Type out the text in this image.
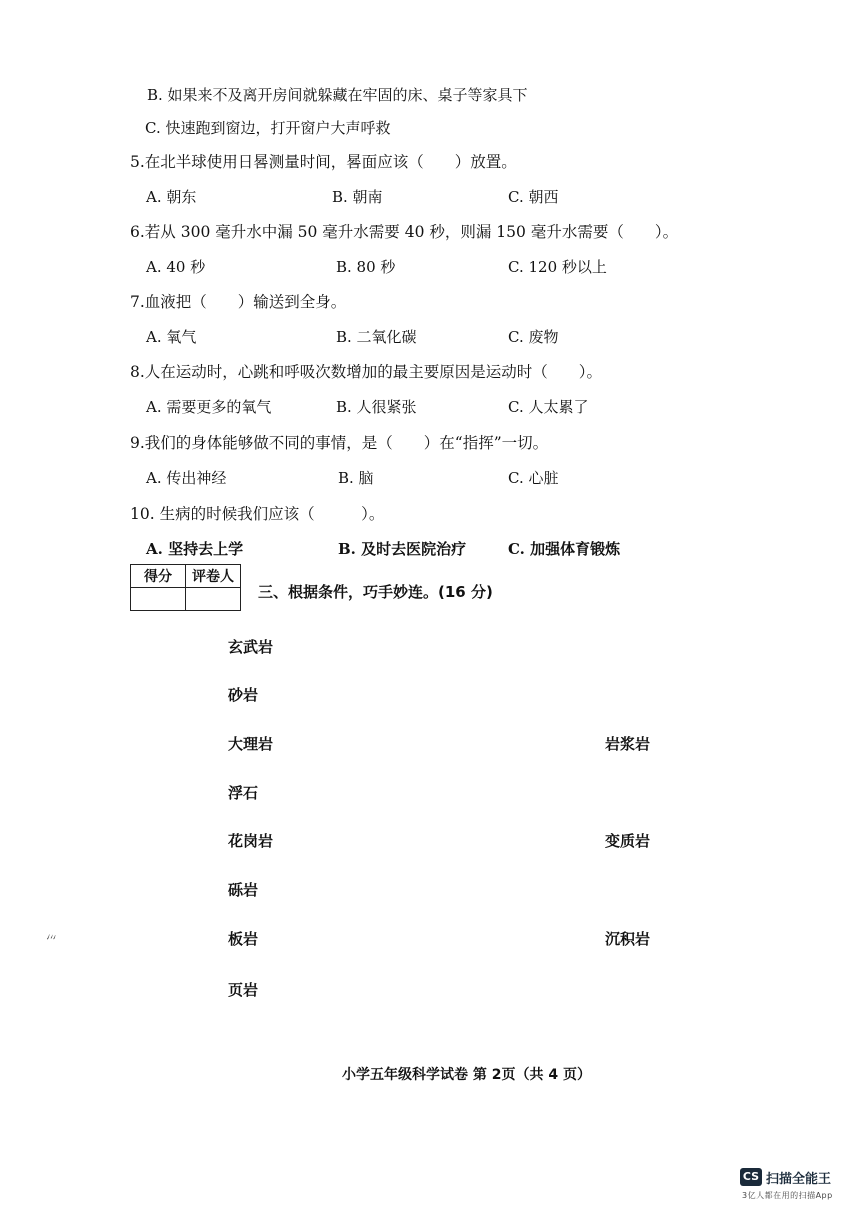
B. 如果来不及离开房间就躲藏在牢固的床、桌子等家具下
C. 快速跑到窗边，打开窗户大声呼救
5.在北半球使用日晷测量时间，晷面应该（　　）放置。
A. 朝东	B. 朝南	C. 朝西
6.若从 300 毫升水中漏 50 毫升水需要 40 秒，则漏 150 毫升水需要（　　）。
A. 40 秒	B. 80 秒	C. 120 秒以上
7.血液把（　　）输送到全身。
A. 氧气	B. 二氧化碳	C. 废物
8.人在运动时，心跳和呼吸次数增加的最主要原因是运动时（　　）。
A. 需要更多的氧气	B. 人很紧张	C. 人太累了
9.我们的身体能够做不同的事情，是（　　）在“指挥”一切。
A. 传出神经	B. 脑	C. 心脏
10. 生病的时候我们应该（　　　）。
A. 坚持去上学	B. 及时去医院治疗	C. 加强体育锻炼
得分	评卷人

三、根据条件，巧手妙连。(16 分)
玄武岩
砂岩
大理岩
浮石
花岗岩
砾岩
板岩
页岩
岩浆岩
变质岩
沉积岩
ミ
小学五年级科学试卷 第 2页（共 4 页）
CS 扫描全能王
3亿人都在用的扫描App
